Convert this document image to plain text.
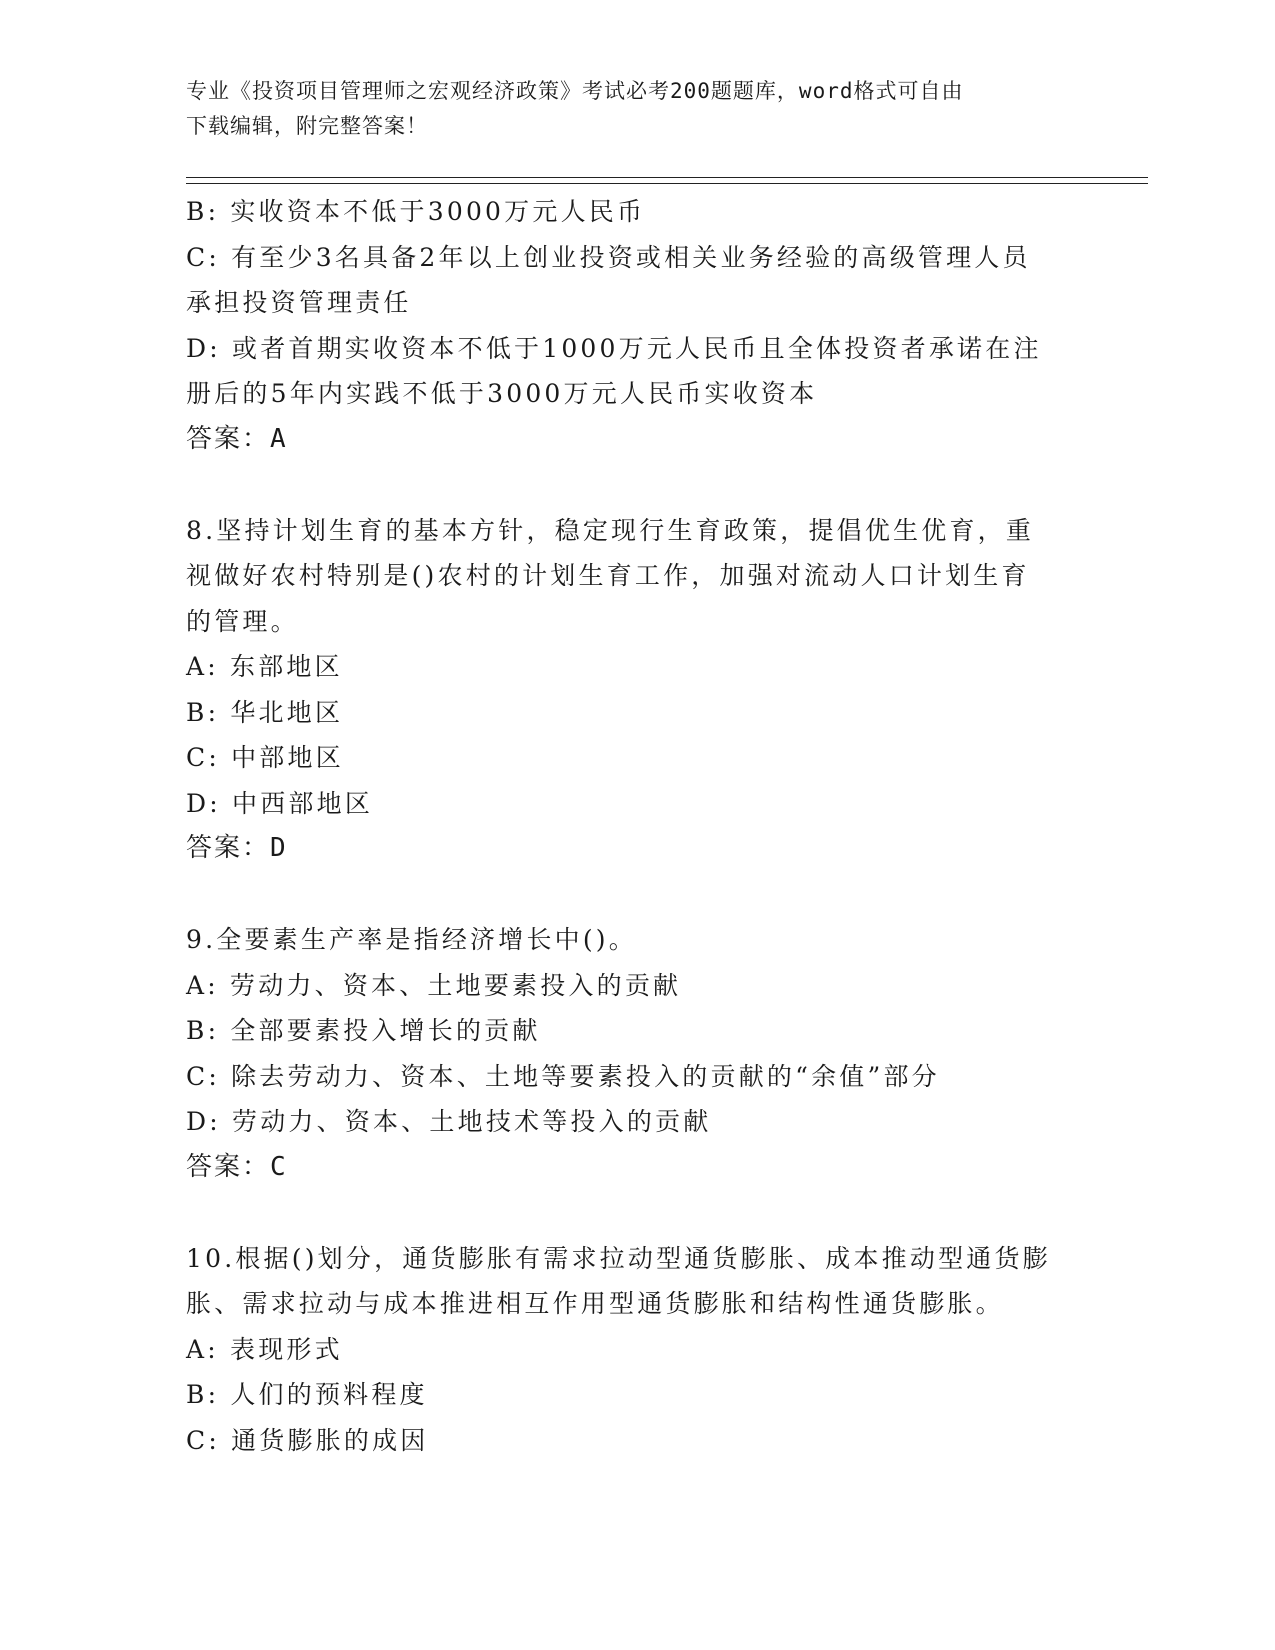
专业《投资项目管理师之宏观经济政策》考试必考200题题库，word格式可自由
下载编辑，附完整答案！
B: 实收资本不低于3000万元人民币
C: 有至少3名具备2年以上创业投资或相关业务经验的高级管理人员
承担投资管理责任
D: 或者首期实收资本不低于1000万元人民币且全体投资者承诺在注
册后的5年内实践不低于3000万元人民币实收资本
答案：A
8.坚持计划生育的基本方针，稳定现行生育政策，提倡优生优育，重
视做好农村特别是()农村的计划生育工作，加强对流动人口计划生育
的管理。
A: 东部地区
B: 华北地区
C: 中部地区
D: 中西部地区
答案：D
9.全要素生产率是指经济增长中()。
A: 劳动力、资本、土地要素投入的贡献
B: 全部要素投入增长的贡献
C: 除去劳动力、资本、土地等要素投入的贡献的“余值”部分
D: 劳动力、资本、土地技术等投入的贡献
答案：C
10.根据()划分，通货膨胀有需求拉动型通货膨胀、成本推动型通货膨
胀、需求拉动与成本推进相互作用型通货膨胀和结构性通货膨胀。
A: 表现形式
B: 人们的预料程度
C: 通货膨胀的成因
